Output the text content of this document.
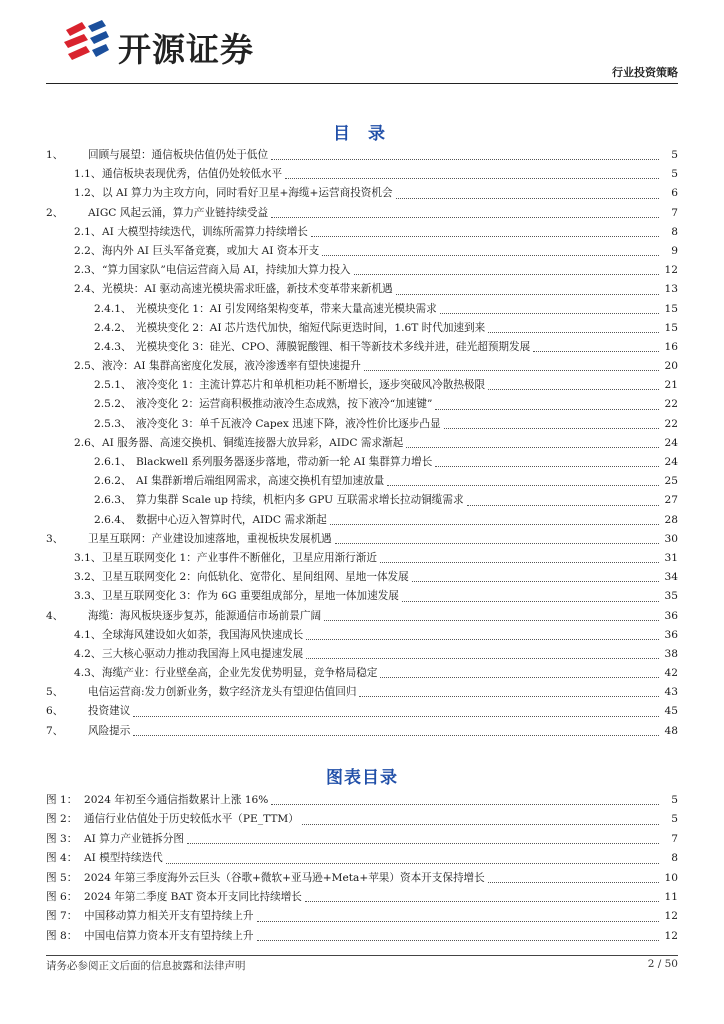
开源证券
行业投资策略
目 录
1、	回顾与展望：通信板块估值仍处于低位	5
1.1、 通信板块表现优秀，估值仍处较低水平	5
1.2、 以 AI 算力为主攻方向，同时看好卫星+海缆+运营商投资机会	6
2、	AIGC 风起云涌，算力产业链持续受益	7
2.1、 AI 大模型持续迭代，训练所需算力持续增长	8
2.2、 海内外 AI 巨头军备竞赛，或加大 AI 资本开支	9
2.3、 “算力国家队”电信运营商入局 AI，持续加大算力投入	12
2.4、 光模块：AI 驱动高速光模块需求旺盛，新技术变革带来新机遇	13
2.4.1、 光模块变化 1：AI 引发网络架构变革，带来大量高速光模块需求	15
2.4.2、 光模块变化 2：AI 芯片迭代加快，缩短代际更迭时间，1.6T 时代加速到来	15
2.4.3、 光模块变化 3：硅光、CPO、薄膜铌酸锂、相干等新技术多线并进，硅光超预期发展	16
2.5、 液冷：AI 集群高密度化发展，液冷渗透率有望快速提升	20
2.5.1、 液冷变化 1：主流计算芯片和单机柜功耗不断增长，逐步突破风冷散热极限	21
2.5.2、 液冷变化 2：运营商积极推动液冷生态成熟，按下液冷“加速键”	22
2.5.3、 液冷变化 3：单千瓦液冷 Capex 迅速下降，液冷性价比逐步凸显	22
2.6、 AI 服务器、高速交换机、铜缆连接器大放异彩，AIDC 需求渐起	24
2.6.1、 Blackwell 系列服务器逐步落地，带动新一轮 AI 集群算力增长	24
2.6.2、 AI 集群新增后端组网需求，高速交换机有望加速放量	25
2.6.3、 算力集群 Scale up 持续，机柜内多 GPU 互联需求增长拉动铜缆需求	27
2.6.4、 数据中心迈入智算时代，AIDC 需求渐起	28
3、	卫星互联网：产业建设加速落地，重视板块发展机遇	30
3.1、 卫星互联网变化 1：产业事件不断催化，卫星应用渐行渐近	31
3.2、 卫星互联网变化 2：向低轨化、宽带化、星间组网、星地一体发展	34
3.3、 卫星互联网变化 3：作为 6G 重要组成部分，星地一体加速发展	35
4、	海缆：海风板块逐步复苏，能源通信市场前景广阔	36
4.1、 全球海风建设如火如荼，我国海风快速成长	36
4.2、 三大核心驱动力推动我国海上风电提速发展	38
4.3、 海缆产业：行业壁垒高，企业先发优势明显，竞争格局稳定	42
5、	电信运营商:发力创新业务，数字经济龙头有望迎估值回归	43
6、	投资建议	45
7、	风险提示	48
图表目录
图 1： 2024 年初至今通信指数累计上涨 16%	5
图 2： 通信行业估值处于历史较低水平（PE_TTM）	5
图 3： AI 算力产业链拆分图	7
图 4： AI 模型持续迭代	8
图 5： 2024 年第三季度海外云巨头（谷歌+微软+亚马逊+Meta+苹果）资本开支保持增长	10
图 6： 2024 年第二季度 BAT 资本开支同比持续增长	11
图 7： 中国移动算力相关开支有望持续上升	12
图 8： 中国电信算力资本开支有望持续上升	12
请务必参阅正文后面的信息披露和法律声明	2 / 50
